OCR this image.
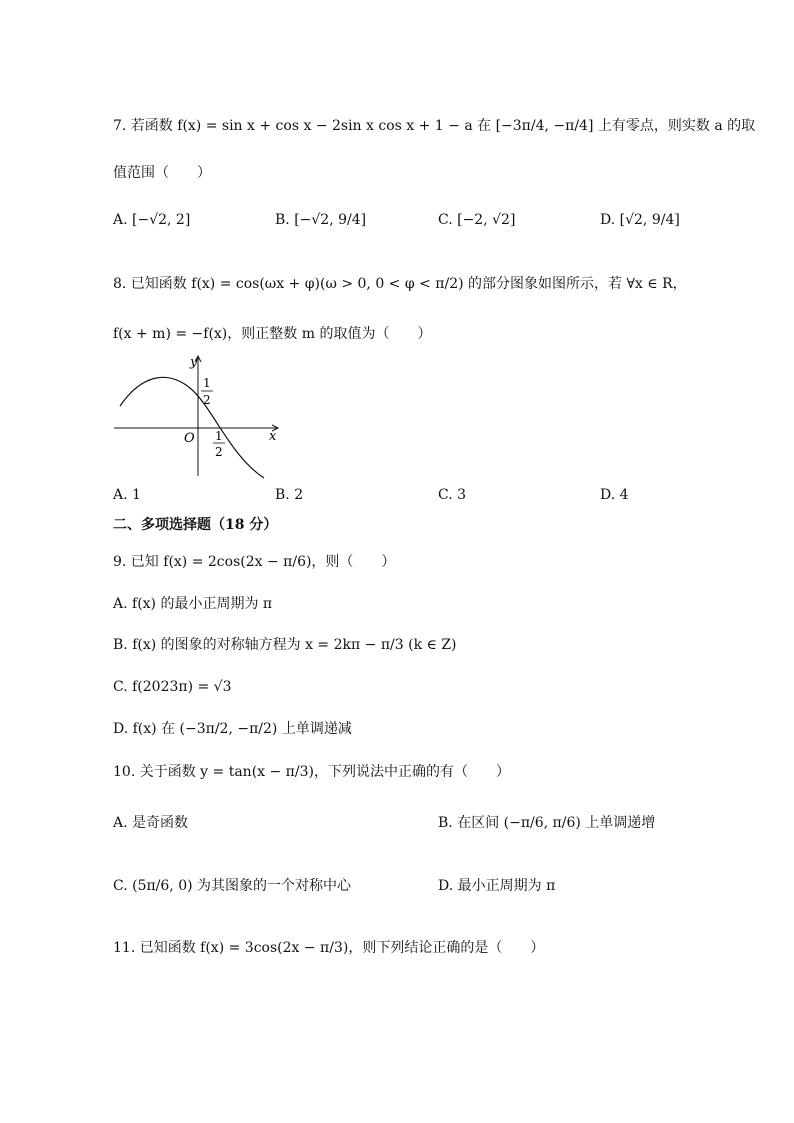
7. 若函数 f(x) = sin x + cos x − 2sin x cos x + 1 − a 在 [−3π/4, −π/4] 上有零点，则实数 a 的取
值范围（　　）
A. [−√2, 2]	B. [−√2, 9/4]	C. [−2, √2]	D. [√2, 9/4]
8. 已知函数 f(x) = cos(ωx + φ)(ω > 0, 0 < φ < π/2) 的部分图象如图所示，若 ∀x ∈ R，
f(x + m) = −f(x)，则正整数 m 的取值为（　　）
y
x
O
1
2
1
2
A. 1	B. 2	C. 3	D. 4
二、多项选择题（18 分）
9. 已知 f(x) = 2cos(2x − π/6)，则（　　）
A. f(x) 的最小正周期为 π
B. f(x) 的图象的对称轴方程为 x = 2kπ − π/3 (k ∈ Z)
C. f(2023π) = √3
D. f(x) 在 (−3π/2, −π/2) 上单调递减
10. 关于函数 y = tan(x − π/3)，下列说法中正确的有（　　）
A. 是奇函数	B. 在区间 (−π/6, π/6) 上单调递增
C. (5π/6, 0) 为其图象的一个对称中心	D. 最小正周期为 π
11. 已知函数 f(x) = 3cos(2x − π/3)，则下列结论正确的是（　　）
